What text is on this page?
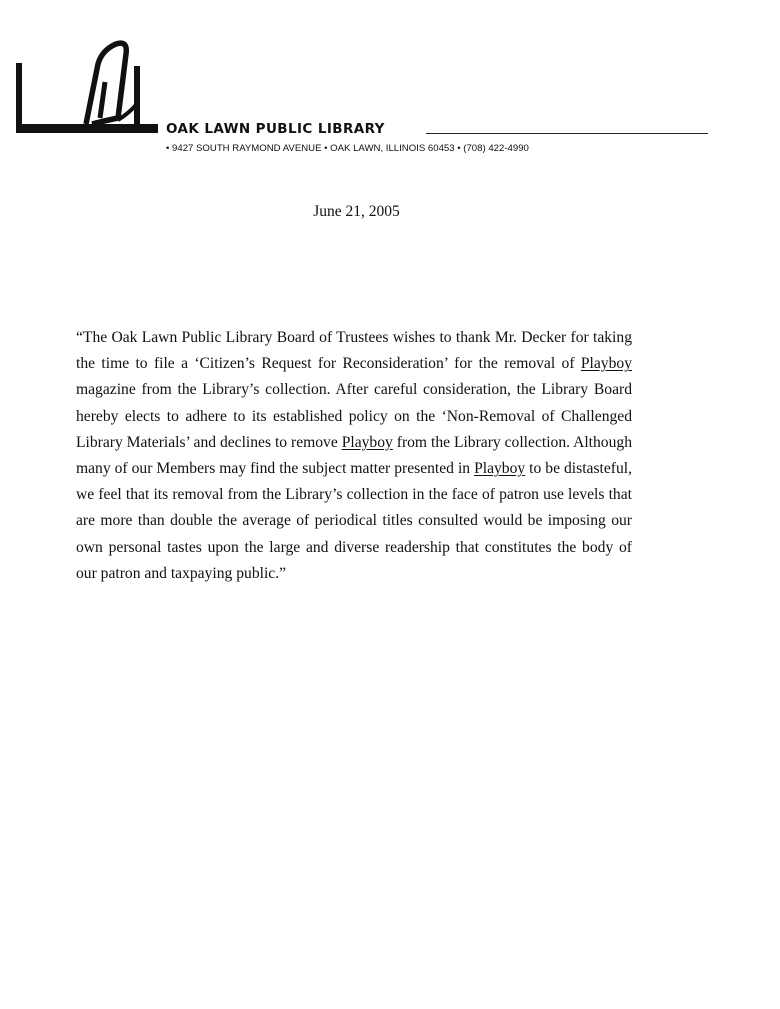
OAK LAWN PUBLIC LIBRARY
• 9427 SOUTH RAYMOND AVENUE • OAK LAWN, ILLINOIS 60453 • (708) 422-4990
June 21, 2005

“The Oak Lawn Public Library Board of Trustees wishes to thank Mr. Decker for taking the time to file a ‘Citizen’s Request for Reconsideration’ for the removal of Playboy magazine from the Library’s collection. After careful consideration, the Library Board hereby elects to adhere to its established policy on the ‘Non-Removal of Challenged Library Materials’ and declines to remove Playboy from the Library collection. Although many of our Members may find the subject matter presented in Playboy to be distasteful, we feel that its removal from the Library’s collection in the face of patron use levels that are more than double the average of periodical titles consulted would be imposing our own personal tastes upon the large and diverse readership that constitutes the body of our patron and taxpaying public.”
